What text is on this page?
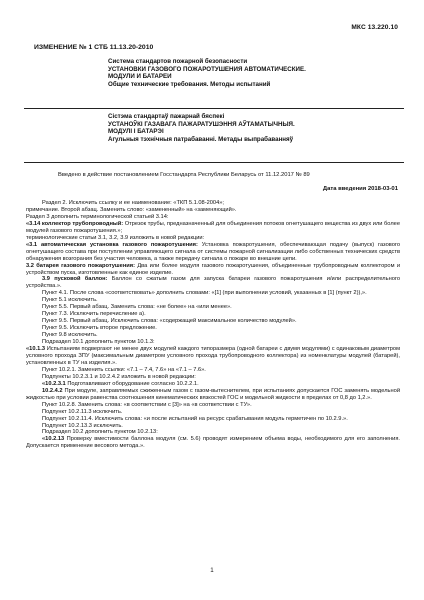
МКС 13.220.10
ИЗМЕНЕНИЕ № 1 СТБ 11.13.20-2010
Система стандартов пожарной безопасности
УСТАНОВКИ ГАЗОВОГО ПОЖАРОТУШЕНИЯ АВТОМАТИЧЕСКИЕ.
МОДУЛИ И БАТАРЕИ
Общие технические требования. Методы испытаний
Сістэма стандартаў пажарнай бяспекі
УСТАНОЎКІ ГАЗАВАГА ПАЖАРАТУШЭННЯ АЎТАМАТЫЧНЫЯ.
МОДУЛІ І БАТАРЭІ
Агульныя тэхнічныя патрабаванні. Метады выпрабаванняў
Введено в действие постановлением Госстандарта Республики Беларусь от 11.12.2017 № 89
Дата введения 2018-03-01

Раздел 2. Исключить ссылку и ее наименование: «ТКП 5.1.08-2004»;

примечание. Второй абзац. Заменить слово: «замененный» на «заменяющий».

Раздел 3 дополнить терминологической статьей 3.14:

«3.14 коллектор трубопроводный: Отрезок трубы, предназначенный для объединения потоков огнетушащего вещества из двух или более модулей газового пожаротушения.»;

терминологические статьи 3.1, 3.2, 3.9 изложить в новой редакции:

«3.1 автоматическая установка газового пожаротушения: Установка пожаротушения, обеспечивающая подачу (выпуск) газового огнетушащего состава при поступлении управляющего сигнала от системы пожарной сигнализации либо собственных технических средств обнаружения возгорания без участия человека, а также передачу сигнала о пожаре во внешние цепи.

3.2 батарея газового пожаротушения: Два или более модуля газового пожаротушения, объединенные трубопроводным коллектором и устройством пуска, изготовленные как единое изделие.

3.9 пусковой баллон: Баллон со сжатым газом для запуска батареи газового пожаротушения и/или распределительного устройства.».

Пункт 4.1. После слова «соответствовать» дополнить словами: «[1] (при выполнении условий, указанных в [1] (пункт 2)),».

Пункт 5.1 исключить.

Пункт 5.5. Первый абзац. Заменить слова: «не более» на «или менее».

Пункт 7.3. Исключить перечисление а).

Пункт 9.5. Первый абзац. Исключить слова: «содержащей максимальное количество модулей».

Пункт 9.5. Исключить второе предложение.

Пункт 9.8 исключить.

Подраздел 10.1 дополнить пунктом 10.1.3:

«10.1.3 Испытаниям подвергают не менее двух модулей каждого типоразмера (одной батареи с двумя модулями) с одинаковым диаметром условного прохода ЗПУ (максимальным диаметром условного прохода трубопроводного коллектора) из номенклатуры модулей (батарей), установленных в ТУ на изделия.».

Пункт 10.2.1. Заменить ссылки: «7.1 – 7.4, 7.6» на «7.1 – 7.6».

Подпункты 10.2.3.1 и 10.2.4.2 изложить в новой редакции:

«10.2.3.1 Подготавливают оборудование согласно 10.2.2.1.

10.2.4.2 При модуле, заправляемых сжиженным газом с газом-вытеснителем, при испытаниях допускается ГОС заменять модельной жидкостью при условии равенства соотношения кинематических вязкостей ГОС и модельной жидкости в пределах от 0,8 до 1,2.».

Пункт 10.2.8. Заменить слова: «в соответствии с [3]» на «в соответствии с ТУ».

Подпункт 10.2.11.3 исключить.

Подпункт 10.2.11.4. Исключить слова: «и после испытаний на ресурс срабатывания модуль герметичен по 10.2.9.».

Подпункт 10.2.13.3 исключить.

Подраздел 10.2 дополнить пунктом 10.2.13:

«10.2.13 Проверку вместимости баллона модуля (см. 5.6) проводят измерением объема воды, необходимого для его заполнения. Допускается применение весового метода.».

1
